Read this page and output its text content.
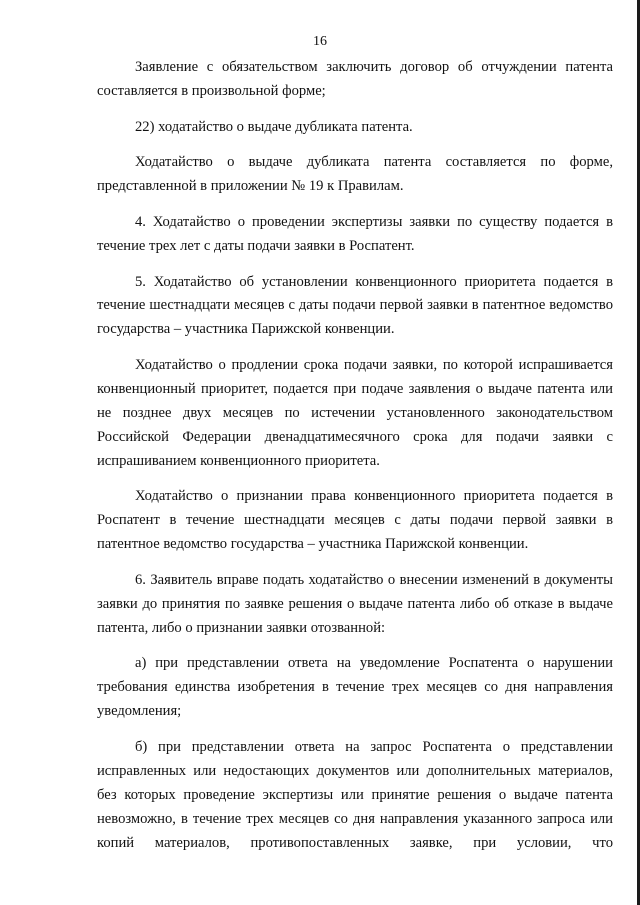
16

Заявление с обязательством заключить договор об отчуждении патента составляется в произвольной форме;

22) ходатайство о выдаче дубликата патента.

Ходатайство о выдаче дубликата патента составляется по форме, представленной в приложении № 19 к Правилам.

4. Ходатайство о проведении экспертизы заявки по существу подается в течение трех лет с даты подачи заявки в Роспатент.

5. Ходатайство об установлении конвенционного приоритета подается в течение шестнадцати месяцев с даты подачи первой заявки в патентное ведомство государства – участника Парижской конвенции.

Ходатайство о продлении срока подачи заявки, по которой испрашивается конвенционный приоритет, подается при подаче заявления о выдаче патента или не позднее двух месяцев по истечении установленного законодательством Российской Федерации двенадцатимесячного срока для подачи заявки с испрашиванием конвенционного приоритета.

Ходатайство о признании права конвенционного приоритета подается в Роспатент в течение шестнадцати месяцев с даты подачи первой заявки в патентное ведомство государства – участника Парижской конвенции.

6. Заявитель вправе подать ходатайство о внесении изменений в документы заявки до принятия по заявке решения о выдаче патента либо об отказе в выдаче патента, либо о признании заявки отозванной:

а) при представлении ответа на уведомление Роспатента о нарушении требования единства изобретения в течение трех месяцев со дня направления уведомления;

б) при представлении ответа на запрос Роспатента о представлении исправленных или недостающих документов или дополнительных материалов, без которых проведение экспертизы или принятие решения о выдаче патента невозможно, в течение трех месяцев со дня направления указанного запроса или копий материалов, противопоставленных заявке, при условии, что
